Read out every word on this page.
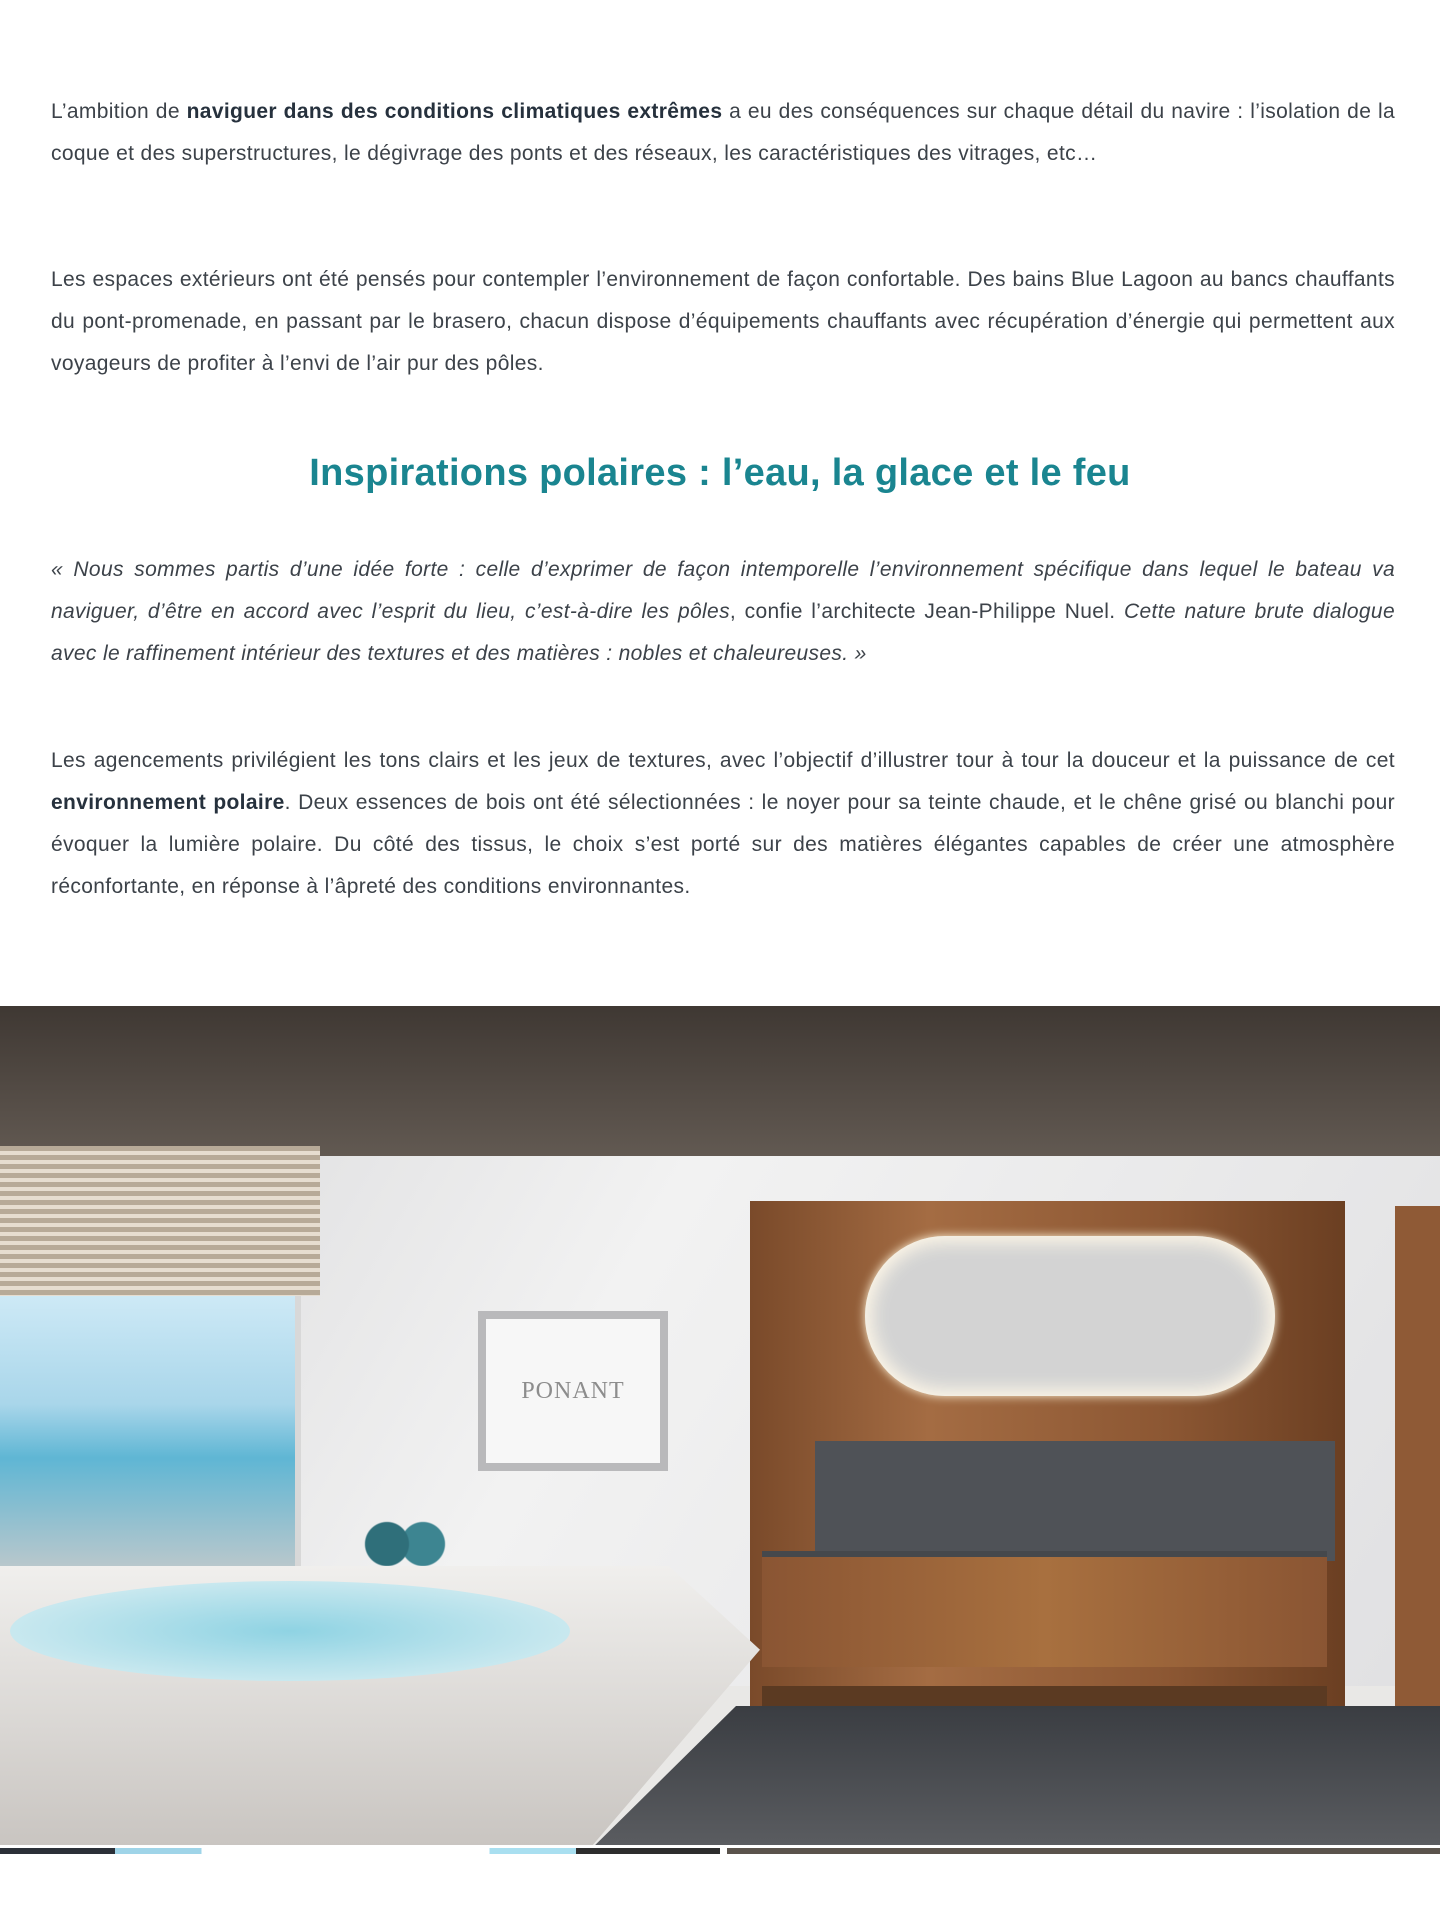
L’ambition de naviguer dans des conditions climatiques extrêmes a eu des conséquences sur chaque détail du navire : l’isolation de la coque et des superstructures, le dégivrage des ponts et des réseaux, les caractéristiques des vitrages, etc…

Les espaces extérieurs ont été pensés pour contempler l’environnement de façon confortable. Des bains Blue Lagoon au bancs chauffants du pont-promenade, en passant par le brasero, chacun dispose d’équipements chauffants avec récupération d’énergie qui permettent aux voyageurs de profiter à l’envi de l’air pur des pôles.

Inspirations polaires : l’eau, la glace et le feu

« Nous sommes partis d’une idée forte : celle d’exprimer de façon intemporelle l’environnement spécifique dans lequel le bateau va naviguer, d’être en accord avec l’esprit du lieu, c’est-à-dire les pôles, confie l’architecte Jean-Philippe Nuel. Cette nature brute dialogue avec le raffinement intérieur des textures et des matières : nobles et chaleureuses. »

Les agencements privilégient les tons clairs et les jeux de textures, avec l’objectif d’illustrer tour à tour la douceur et la puissance de cet environnement polaire. Deux essences de bois ont été sélectionnées : le noyer pour sa teinte chaude, et le chêne grisé ou blanchi pour évoquer la lumière polaire. Du côté des tissus, le choix s’est porté sur des matières élégantes capables de créer une atmosphère réconfortante, en réponse à l’âpreté des conditions environnantes.

PONANT
